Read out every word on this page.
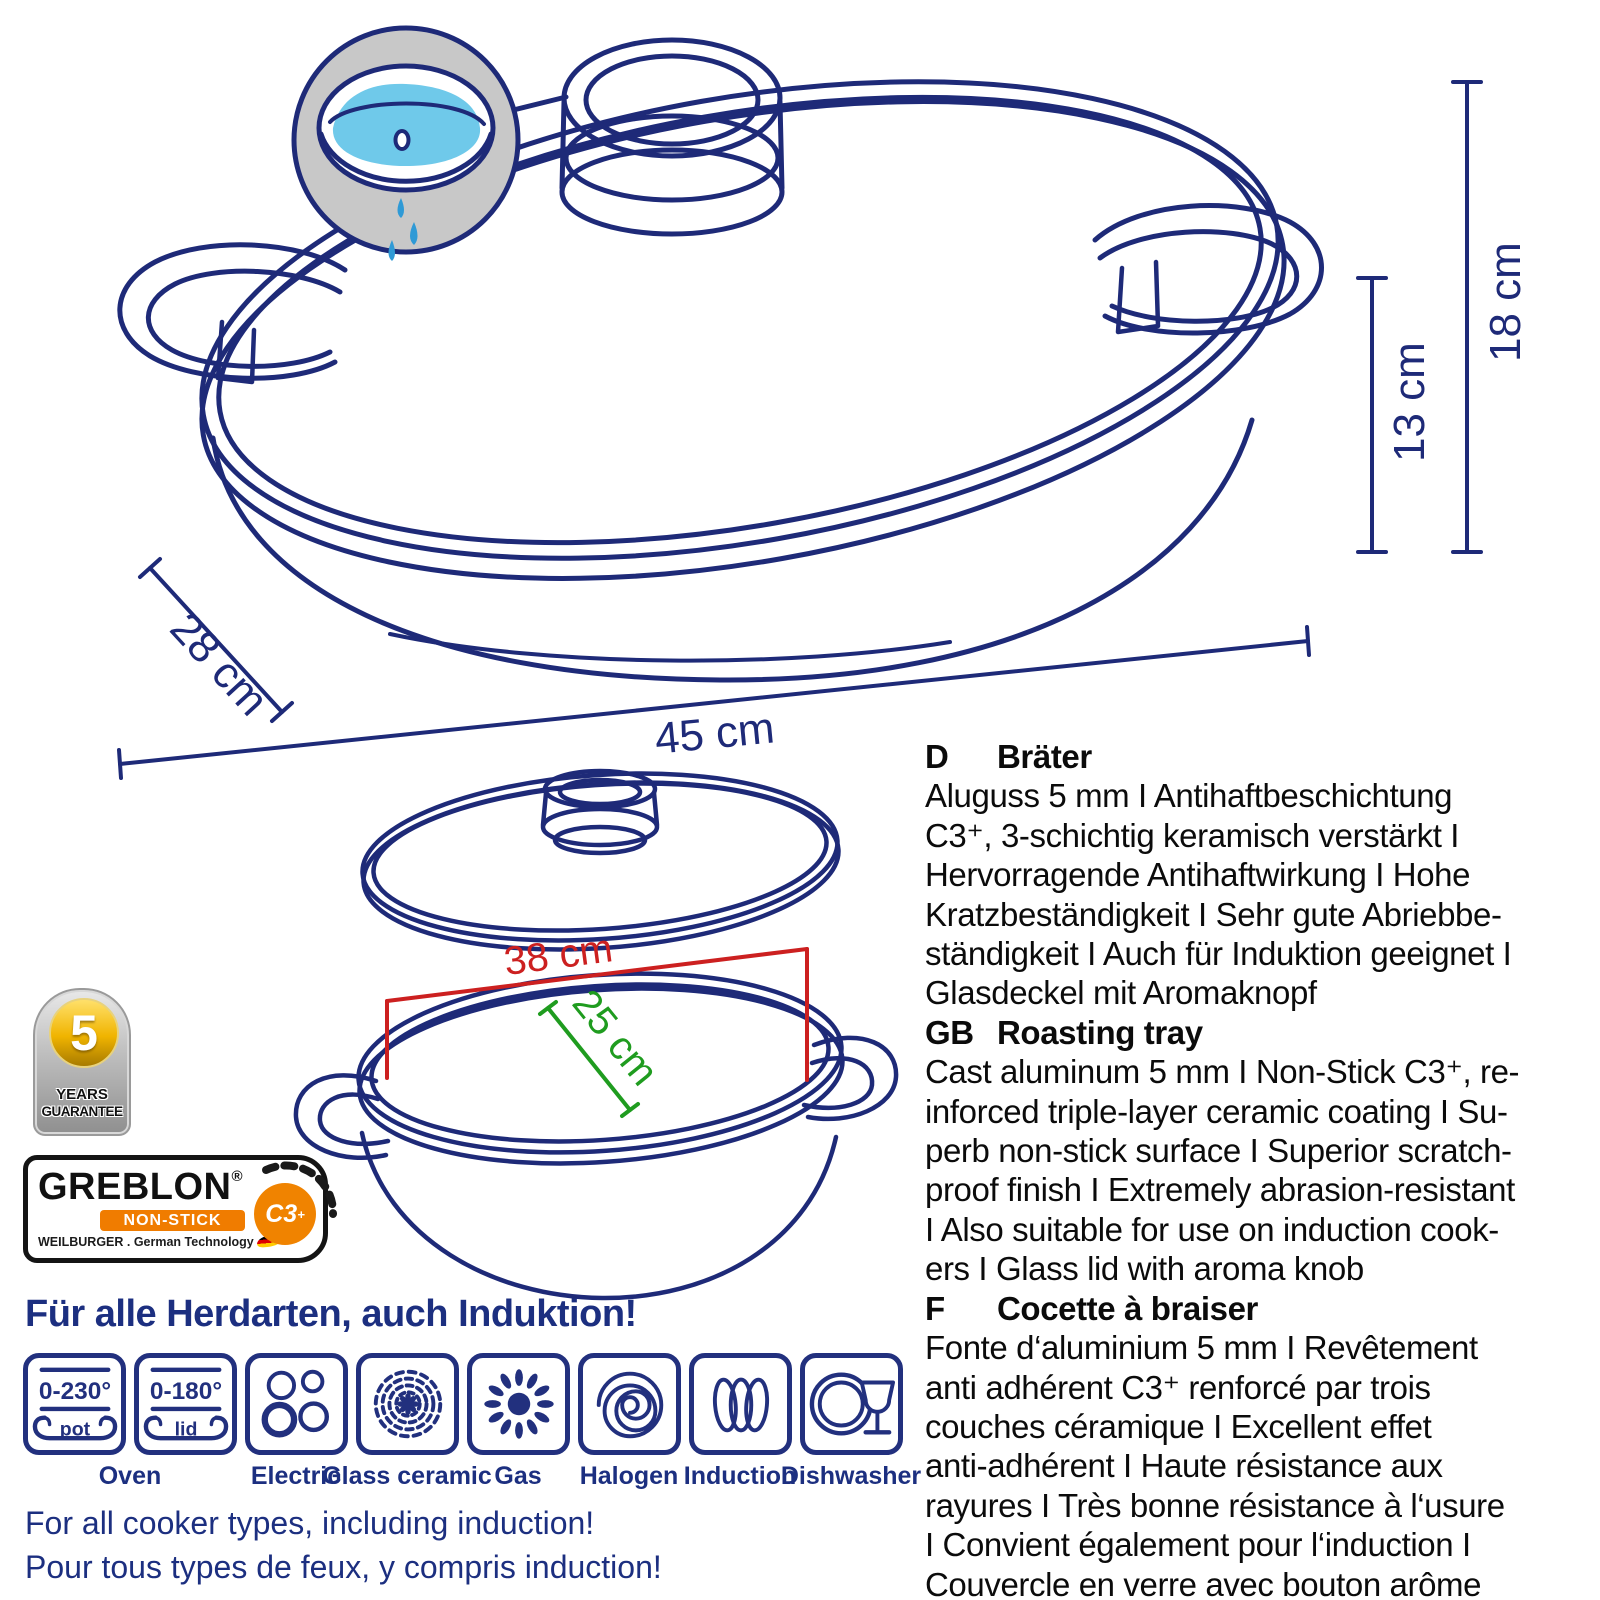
28 cm
45 cm
13 cm
18 cm
38 cm
25 cm
5
YEARS
GUARANTEE
GREBLON®
NON-STICK
WEILBURGER . German Technology
C3 +
Für alle Herdarten, auch Induktion!
0-230°
pot
0-180°
lid
Oven	Electric
Glass ceramic Gas Halogen Induction
Dishwasher
For all cooker types, including induction!
Pour tous types de feux, y compris induction!
D	Bräter
Aluguss 5 mm I Antihaftbeschichtung
C3⁺, 3-schichtig keramisch verstärkt I
Hervorragende Antihaftwirkung I Hohe
Kratzbeständigkeit I Sehr gute Abriebbe-
ständigkeit I Auch für Induktion geeignet I
Glasdeckel mit Aromaknopf
GB Roasting tray
Cast aluminum 5 mm I Non-Stick C3⁺, re-
inforced triple-layer ceramic coating I Su-
perb non-stick surface I Superior scratch-
proof finish I Extremely abrasion-resistant
I Also suitable for use on induction cook-
ers I Glass lid with aroma knob
F	Cocette à braiser
Fonte d‘aluminium 5 mm I Revêtement
anti adhérent C3⁺ renforcé par trois
couches céramique I Excellent effet
anti-adhérent I Haute résistance aux
rayures I Très bonne résistance à l‘usure
I Convient également pour l‘induction I
Couvercle en verre avec bouton arôme
